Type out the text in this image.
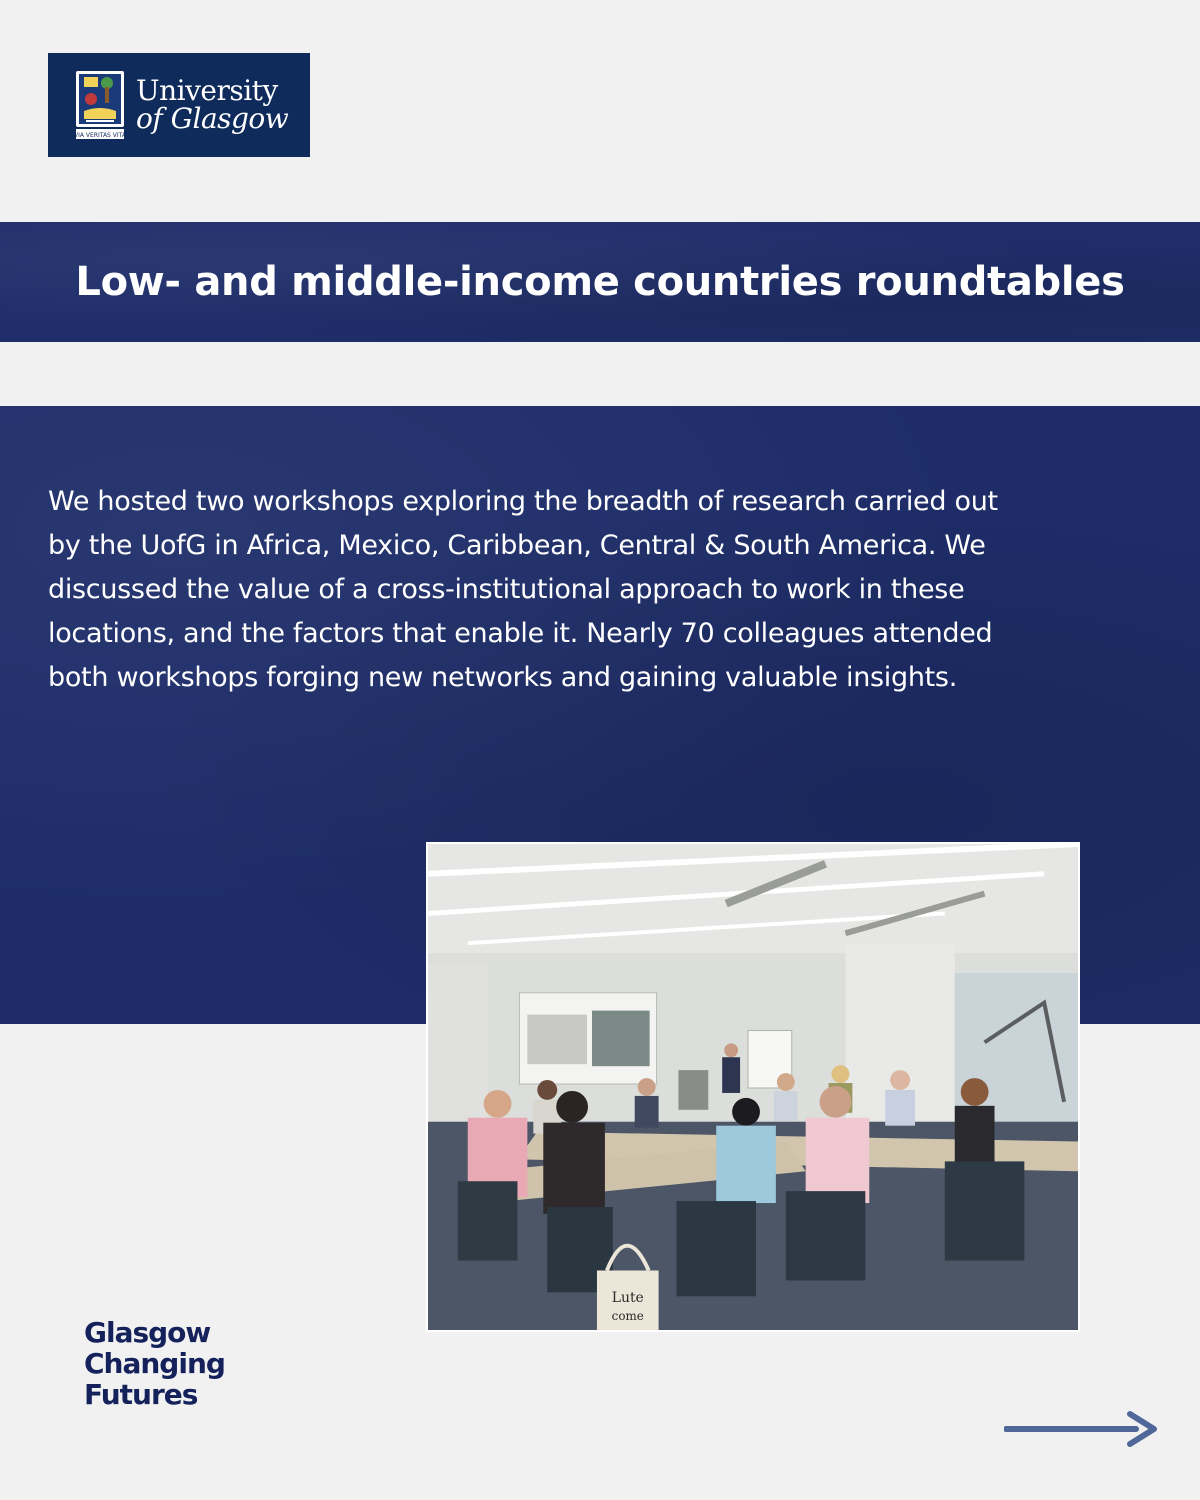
VIA VERITAS VITA
University
of Glasgow
Low- and middle-income countries roundtables

We hosted two workshops exploring the breadth of research carried out by the UofG in Africa, Mexico, Caribbean, Central & South America. We discussed the value of a cross-institutional approach to work in these locations, and the factors that enable it. Nearly 70 colleagues attended both workshops forging new networks and gaining valuable insights.

Lute
come
Glasgow
Changing
Futures
